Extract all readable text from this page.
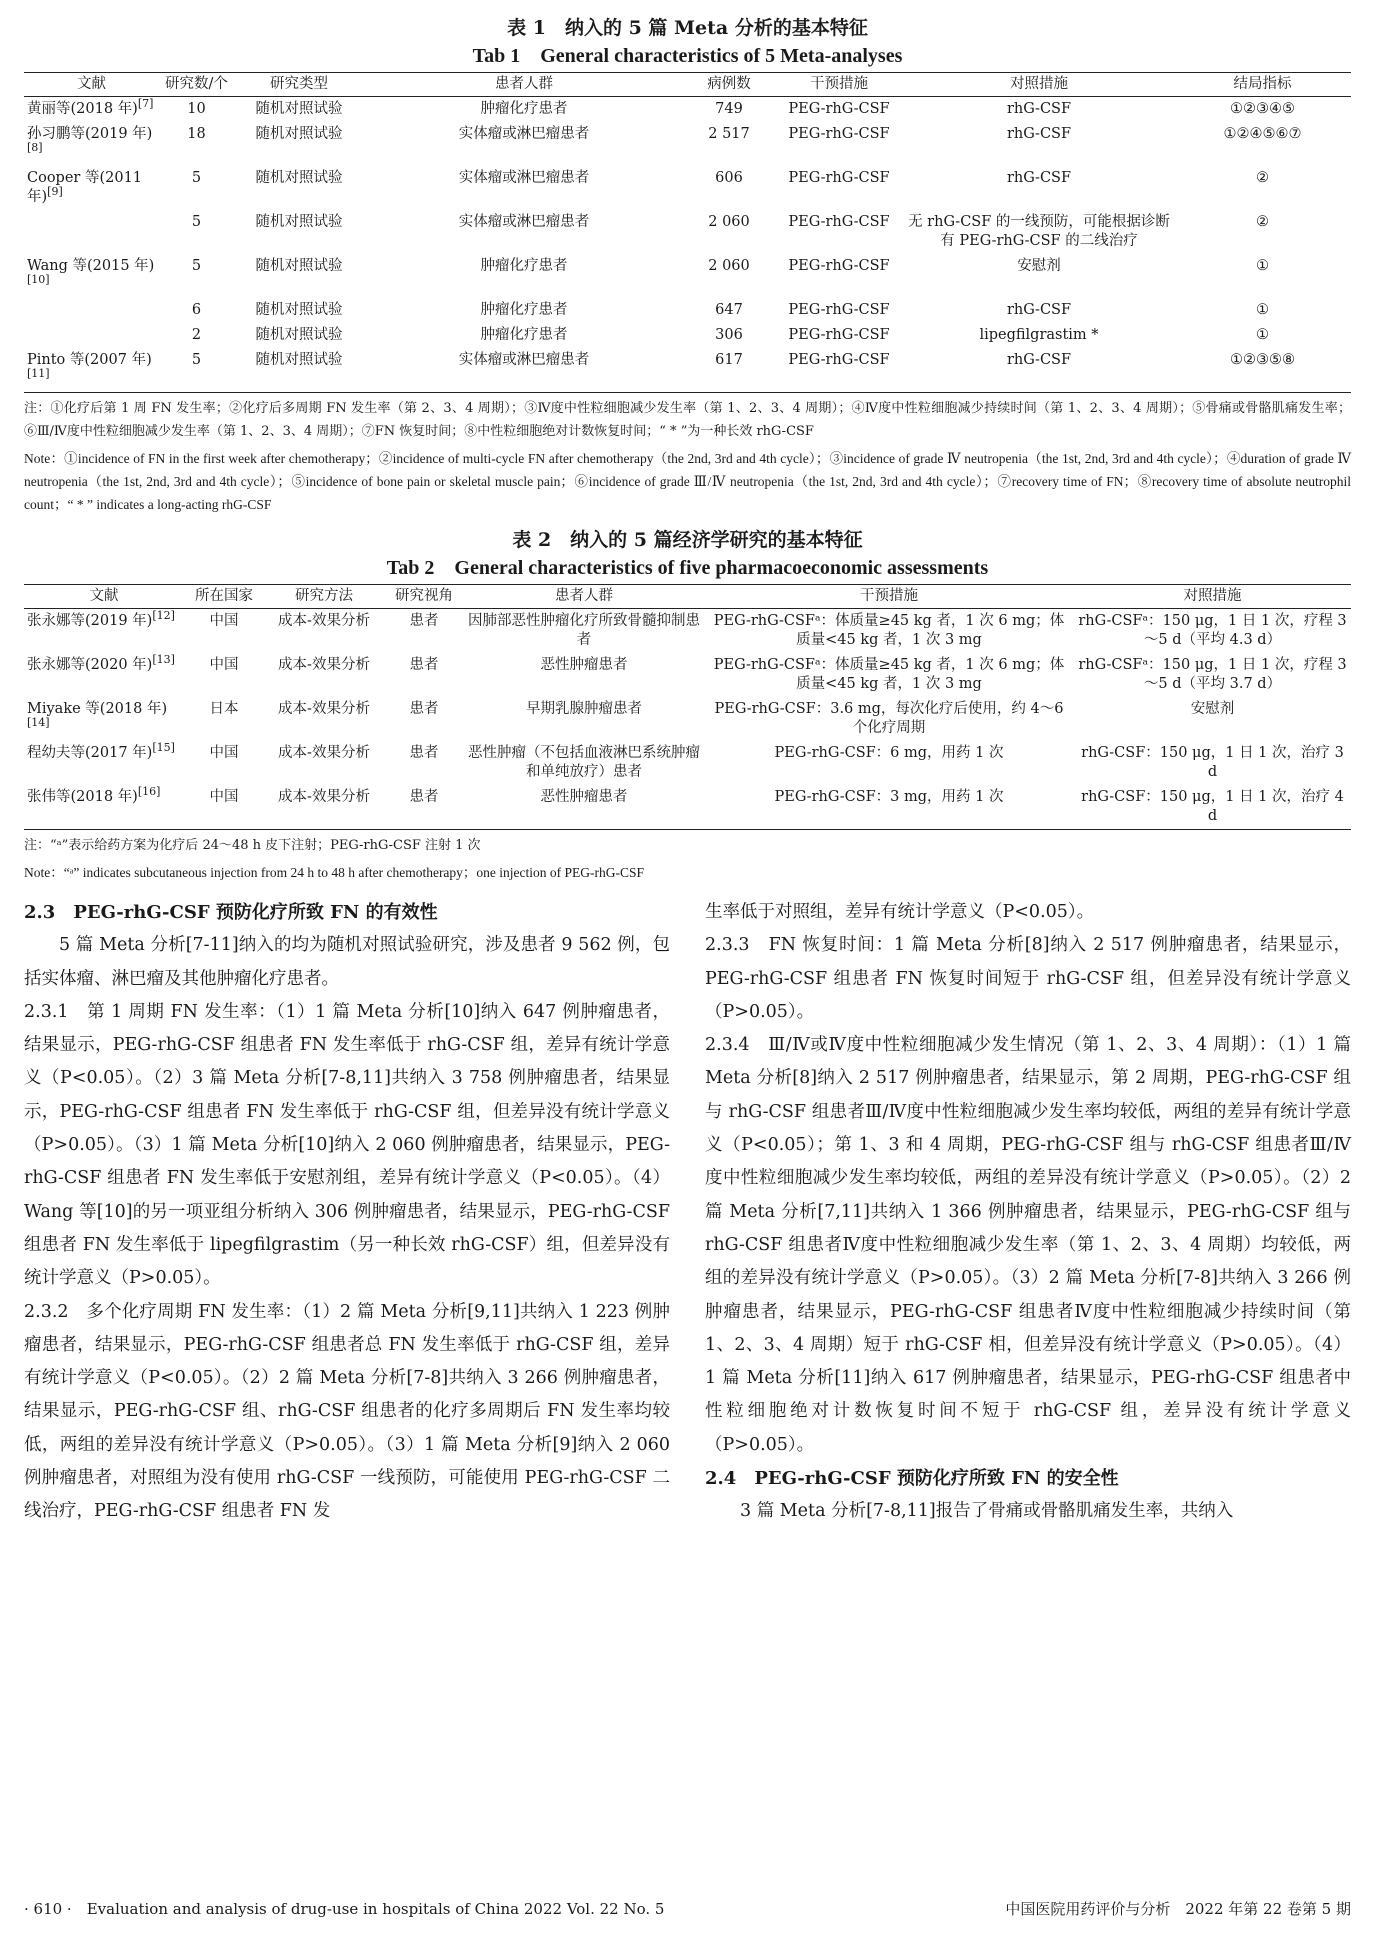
表 1　纳入的 5 篇 Meta 分析的基本特征
Tab 1　General characteristics of 5 Meta-analyses
文献	研究数/个	研究类型	患者人群	病例数	干预措施	对照措施	结局指标
黄丽等(2018 年)[7]	10	随机对照试验	肿瘤化疗患者	749	PEG-rhG-CSF	rhG-CSF	①②③④⑤
孙习鹏等(2019 年)[8]	18	随机对照试验	实体瘤或淋巴瘤患者	2 517	PEG-rhG-CSF	rhG-CSF	①②④⑤⑥⑦
Cooper 等(2011 年)[9]	5	随机对照试验	实体瘤或淋巴瘤患者	606	PEG-rhG-CSF	rhG-CSF	②
	5	随机对照试验	实体瘤或淋巴瘤患者	2 060	PEG-rhG-CSF	无 rhG-CSF 的一线预防，可能根据诊断有 PEG-rhG-CSF 的二线治疗	②
Wang 等(2015 年)[10]	5	随机对照试验	肿瘤化疗患者	2 060	PEG-rhG-CSF	安慰剂	①
	6	随机对照试验	肿瘤化疗患者	647	PEG-rhG-CSF	rhG-CSF	①
	2	随机对照试验	肿瘤化疗患者	306	PEG-rhG-CSF	lipegfilgrastim *	①
Pinto 等(2007 年)[11]	5	随机对照试验	实体瘤或淋巴瘤患者	617	PEG-rhG-CSF	rhG-CSF	①②③⑤⑧
注：①化疗后第 1 周 FN 发生率；②化疗后多周期 FN 发生率（第 2、3、4 周期）；③Ⅳ度中性粒细胞减少发生率（第 1、2、3、4 周期）；④Ⅳ度中性粒细胞减少持续时间（第 1、2、3、4 周期）；⑤骨痛或骨骼肌痛发生率；⑥Ⅲ/Ⅳ度中性粒细胞减少发生率（第 1、2、3、4 周期）；⑦FN 恢复时间；⑧中性粒细胞绝对计数恢复时间；“ * ”为一种长效 rhG-CSF
Note：①incidence of FN in the first week after chemotherapy；②incidence of multi-cycle FN after chemotherapy（the 2nd, 3rd and 4th cycle）；③incidence of grade Ⅳ neutropenia（the 1st, 2nd, 3rd and 4th cycle）；④duration of grade Ⅳ neutropenia（the 1st, 2nd, 3rd and 4th cycle）；⑤incidence of bone pain or skeletal muscle pain；⑥incidence of grade Ⅲ/Ⅳ neutropenia（the 1st, 2nd, 3rd and 4th cycle）；⑦recovery time of FN；⑧recovery time of absolute neutrophil count；“ * ” indicates a long-acting rhG-CSF
表 2　纳入的 5 篇经济学研究的基本特征
Tab 2　General characteristics of five pharmacoeconomic assessments
文献	所在国家	研究方法	研究视角	患者人群	干预措施	对照措施
张永娜等(2019 年)[12]	中国	成本-效果分析	患者	因肺部恶性肿瘤化疗所致骨髓抑制患者	PEG-rhG-CSFᵃ：体质量≥45 kg 者，1 次 6 mg；体质量<45 kg 者，1 次 3 mg	rhG-CSFᵃ：150 μg，1 日 1 次，疗程 3～5 d（平均 4.3 d）
张永娜等(2020 年)[13]	中国	成本-效果分析	患者	恶性肿瘤患者	PEG-rhG-CSFᵃ：体质量≥45 kg 者，1 次 6 mg；体质量<45 kg 者，1 次 3 mg	rhG-CSFᵃ：150 μg，1 日 1 次，疗程 3～5 d（平均 3.7 d）
Miyake 等(2018 年)[14]	日本	成本-效果分析	患者	早期乳腺肿瘤患者	PEG-rhG-CSF：3.6 mg，每次化疗后使用，约 4～6 个化疗周期	安慰剂
程幼夫等(2017 年)[15]	中国	成本-效果分析	患者	恶性肿瘤（不包括血液淋巴系统肿瘤和单纯放疗）患者	PEG-rhG-CSF：6 mg，用药 1 次	rhG-CSF：150 μg，1 日 1 次，治疗 3 d
张伟等(2018 年)[16]	中国	成本-效果分析	患者	恶性肿瘤患者	PEG-rhG-CSF：3 mg，用药 1 次	rhG-CSF：150 μg，1 日 1 次，治疗 4 d
注：“ᵃ”表示给药方案为化疗后 24～48 h 皮下注射；PEG-rhG-CSF 注射 1 次
Note：“ᵃ” indicates subcutaneous injection from 24 h to 48 h after chemotherapy；one injection of PEG-rhG-CSF
2.3　PEG-rhG-CSF 预防化疗所致 FN 的有效性

5 篇 Meta 分析[7-11]纳入的均为随机对照试验研究，涉及患者 9 562 例，包括实体瘤、淋巴瘤及其他肿瘤化疗患者。

2.3.1　第 1 周期 FN 发生率：（1）1 篇 Meta 分析[10]纳入 647 例肿瘤患者，结果显示，PEG-rhG-CSF 组患者 FN 发生率低于 rhG-CSF 组，差异有统计学意义（P<0.05）。（2）3 篇 Meta 分析[7-8,11]共纳入 3 758 例肿瘤患者，结果显示，PEG-rhG-CSF 组患者 FN 发生率低于 rhG-CSF 组，但差异没有统计学意义（P>0.05）。（3）1 篇 Meta 分析[10]纳入 2 060 例肿瘤患者，结果显示，PEG-rhG-CSF 组患者 FN 发生率低于安慰剂组，差异有统计学意义（P<0.05）。（4）Wang 等[10]的另一项亚组分析纳入 306 例肿瘤患者，结果显示，PEG-rhG-CSF 组患者 FN 发生率低于 lipegfilgrastim（另一种长效 rhG-CSF）组，但差异没有统计学意义（P>0.05）。

2.3.2　多个化疗周期 FN 发生率：（1）2 篇 Meta 分析[9,11]共纳入 1 223 例肿瘤患者，结果显示，PEG-rhG-CSF 组患者总 FN 发生率低于 rhG-CSF 组，差异有统计学意义（P<0.05）。（2）2 篇 Meta 分析[7-8]共纳入 3 266 例肿瘤患者，结果显示，PEG-rhG-CSF 组、rhG-CSF 组患者的化疗多周期后 FN 发生率均较低，两组的差异没有统计学意义（P>0.05）。（3）1 篇 Meta 分析[9]纳入 2 060 例肿瘤患者，对照组为没有使用 rhG-CSF 一线预防，可能使用 PEG-rhG-CSF 二线治疗，PEG-rhG-CSF 组患者 FN 发

生率低于对照组，差异有统计学意义（P<0.05）。

2.3.3　FN 恢复时间：1 篇 Meta 分析[8]纳入 2 517 例肿瘤患者，结果显示，PEG-rhG-CSF 组患者 FN 恢复时间短于 rhG-CSF 组，但差异没有统计学意义（P>0.05）。

2.3.4　Ⅲ/Ⅳ或Ⅳ度中性粒细胞减少发生情况（第 1、2、3、4 周期）：（1）1 篇 Meta 分析[8]纳入 2 517 例肿瘤患者，结果显示，第 2 周期，PEG-rhG-CSF 组与 rhG-CSF 组患者Ⅲ/Ⅳ度中性粒细胞减少发生率均较低，两组的差异有统计学意义（P<0.05）；第 1、3 和 4 周期，PEG-rhG-CSF 组与 rhG-CSF 组患者Ⅲ/Ⅳ度中性粒细胞减少发生率均较低，两组的差异没有统计学意义（P>0.05）。（2）2 篇 Meta 分析[7,11]共纳入 1 366 例肿瘤患者，结果显示，PEG-rhG-CSF 组与 rhG-CSF 组患者Ⅳ度中性粒细胞减少发生率（第 1、2、3、4 周期）均较低，两组的差异没有统计学意义（P>0.05）。（3）2 篇 Meta 分析[7-8]共纳入 3 266 例肿瘤患者，结果显示，PEG-rhG-CSF 组患者Ⅳ度中性粒细胞减少持续时间（第 1、2、3、4 周期）短于 rhG-CSF 相，但差异没有统计学意义（P>0.05）。（4）1 篇 Meta 分析[11]纳入 617 例肿瘤患者，结果显示，PEG-rhG-CSF 组患者中性粒细胞绝对计数恢复时间不短于 rhG-CSF 组，差异没有统计学意义（P>0.05）。

2.4　PEG-rhG-CSF 预防化疗所致 FN 的安全性

3 篇 Meta 分析[7-8,11]报告了骨痛或骨骼肌痛发生率，共纳入

· 610 ·　Evaluation and analysis of drug-use in hospitals of China 2022 Vol. 22 No. 5	中国医院用药评价与分析　2022 年第 22 卷第 5 期
